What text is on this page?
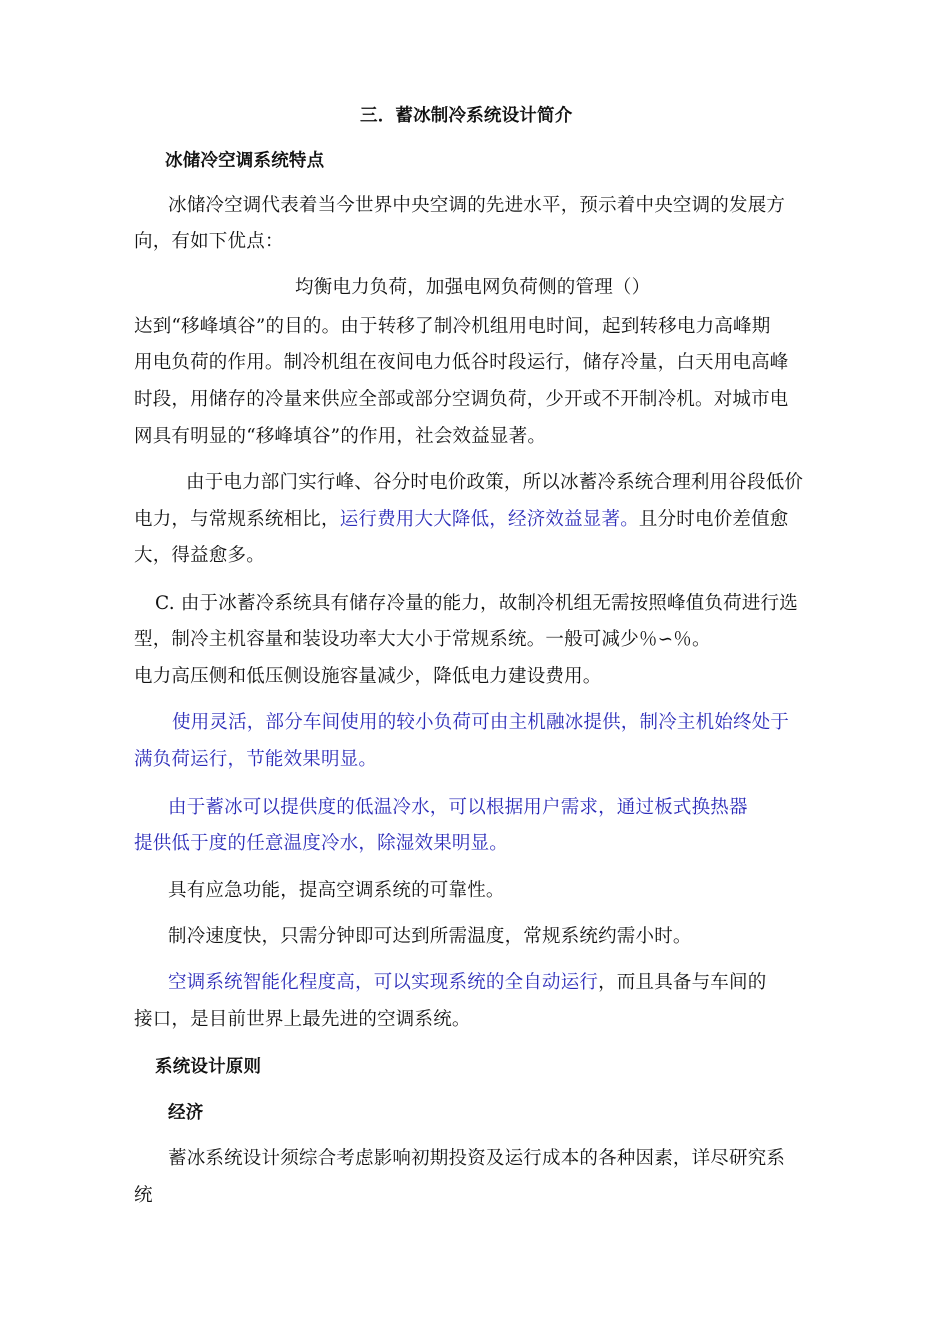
三．蓄冰制冷系统设计简介
冰储冷空调系统特点
冰储冷空调代表着当今世界中央空调的先进水平，预示着中央空调的发展方
向，有如下优点：
均衡电力负荷，加强电网负荷侧的管理（）
达到“移峰填谷”的目的。由于转移了制冷机组用电时间，起到转移电力高峰期
用电负荷的作用。制冷机组在夜间电力低谷时段运行，储存冷量，白天用电高峰
时段，用储存的冷量来供应全部或部分空调负荷，少开或不开制冷机。对城市电
网具有明显的“移峰填谷”的作用，社会效益显著。
由于电力部门实行峰、谷分时电价政策，所以冰蓄冷系统合理利用谷段低价
电力，与常规系统相比，运行费用大大降低，经济效益显著。且分时电价差值愈
大，得益愈多。
C. 由于冰蓄冷系统具有储存冷量的能力，故制冷机组无需按照峰值负荷进行选
型，制冷主机容量和装设功率大大小于常规系统。一般可减少％∽％。
电力高压侧和低压侧设施容量减少，降低电力建设费用。
使用灵活，部分车间使用的较小负荷可由主机融冰提供，制冷主机始终处于
满负荷运行，节能效果明显。
由于蓄冰可以提供度的低温冷水，可以根据用户需求，通过板式换热器
提供低于度的任意温度冷水，除湿效果明显。
具有应急功能，提高空调系统的可靠性。
制冷速度快，只需分钟即可达到所需温度，常规系统约需小时。
空调系统智能化程度高，可以实现系统的全自动运行，而且具备与车间的
接口，是目前世界上最先进的空调系统。
系统设计原则
经济
蓄冰系统设计须综合考虑影响初期投资及运行成本的各种因素，详尽研究系
统
